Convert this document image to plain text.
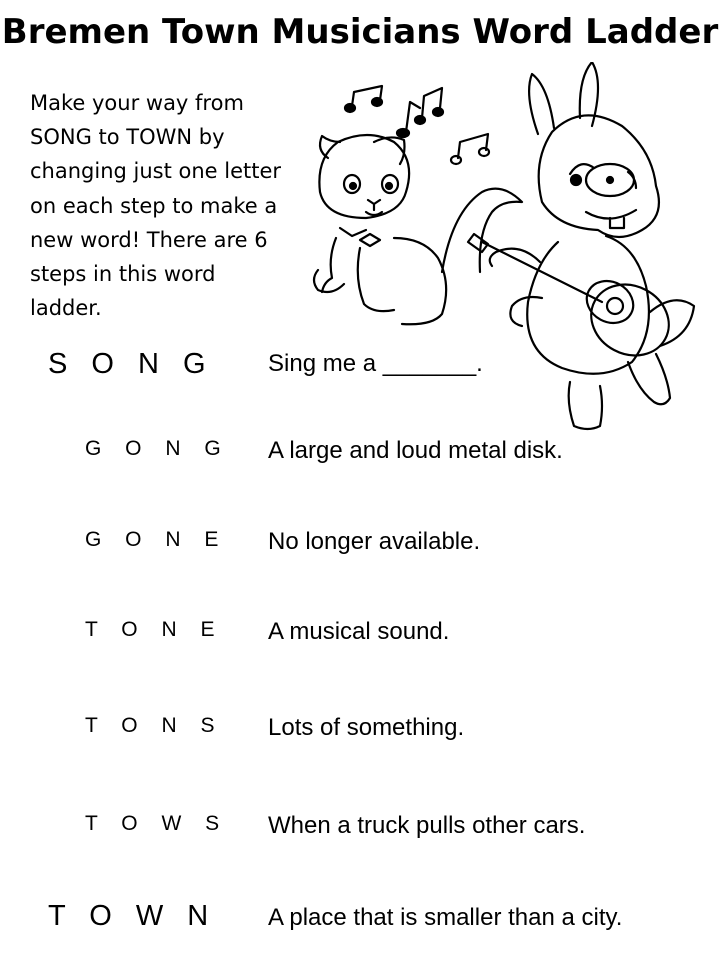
Bremen Town Musicians Word Ladder
Make your way from
SONG to TOWN by
changing just one letter
on each step to make a
new word! There are 6
steps in this word
ladder.
S O N G Sing me a _______.
G O N G A large and loud metal disk.
G O N E No longer available.
T O N E A musical sound.
T O N S Lots of something.
T O W S When a truck pulls other cars.
T O W N A place that is smaller than a city.
